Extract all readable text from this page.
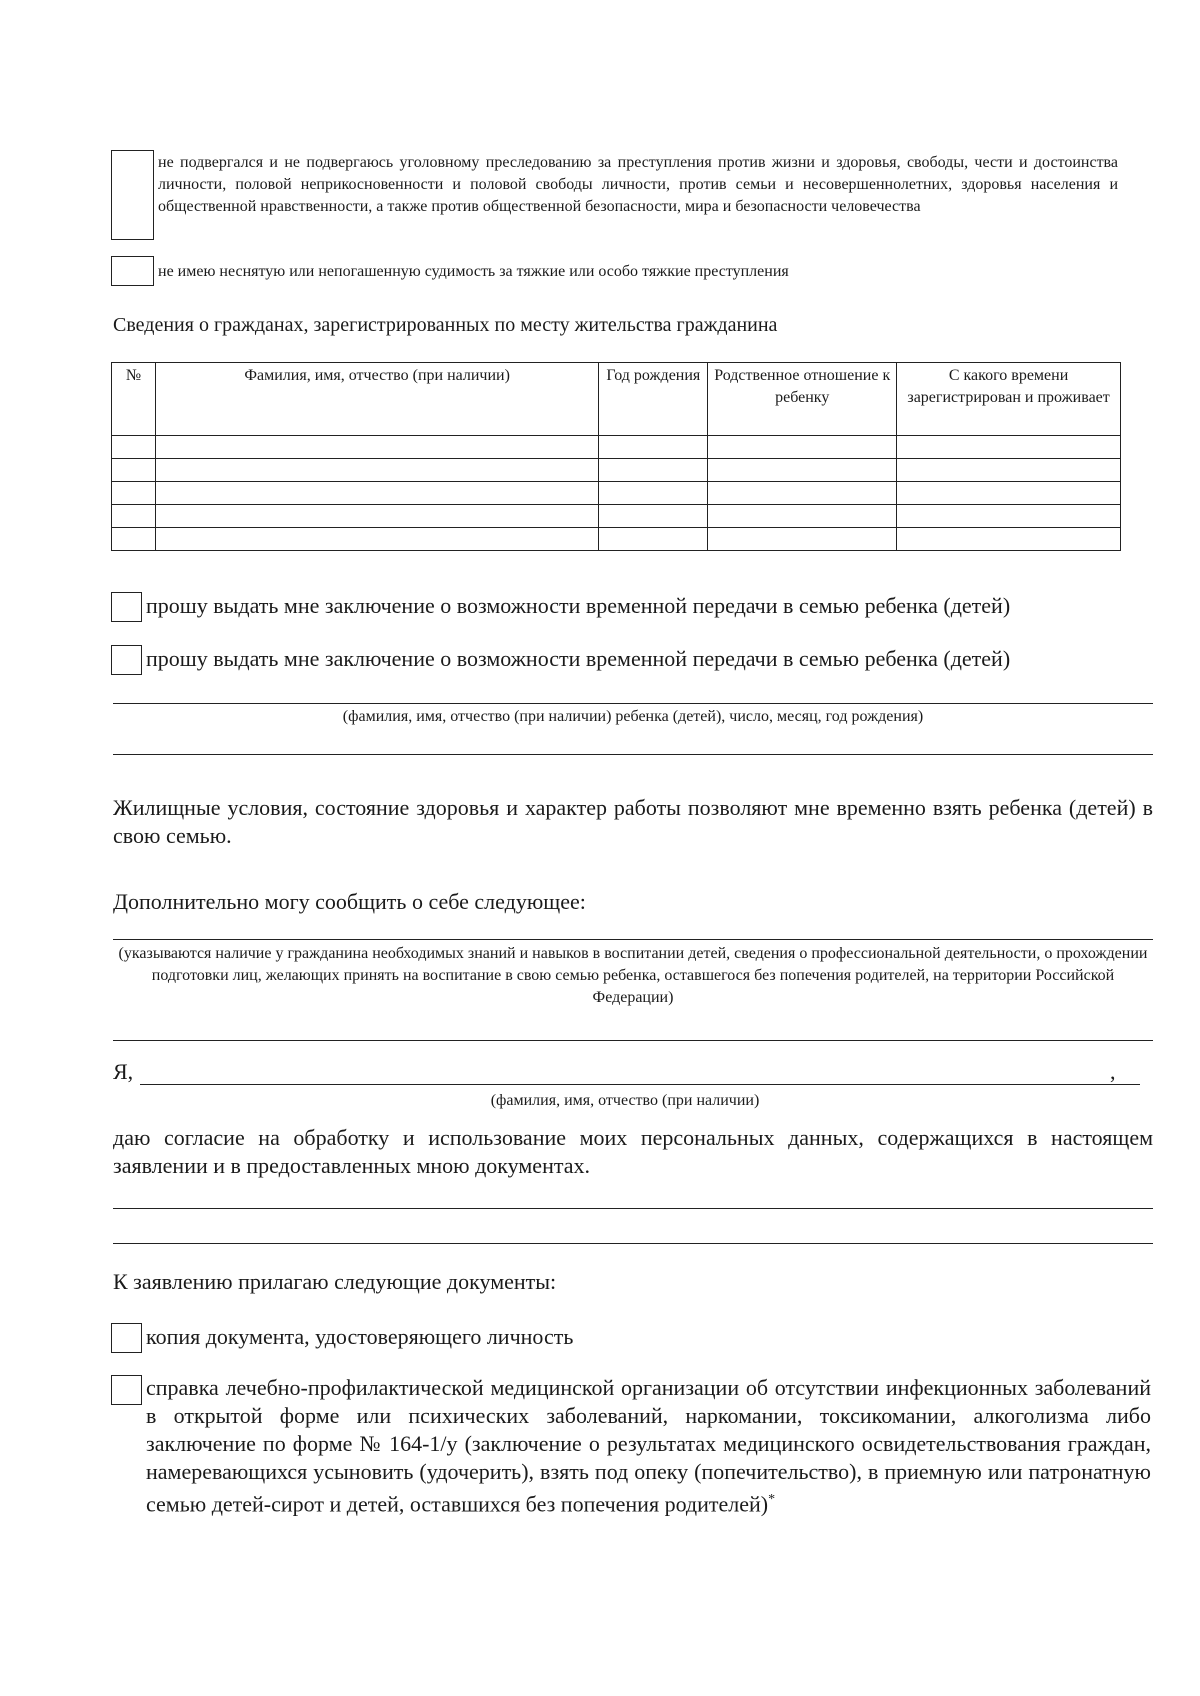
не подвергался и не подвергаюсь уголовному преследованию за преступления против жизни и здоровья, свободы, чести и достоинства личности, половой неприкосновенности и половой свободы личности, против семьи и несовершеннолетних, здоровья населения и общественной нравственности, а также против общественной безопасности, мира и безопасности человечества
не имею неснятую или непогашенную судимость за тяжкие или особо тяжкие преступления
Сведения о гражданах, зарегистрированных по месту жительства гражданина
№	Фамилия, имя, отчество (при наличии)	Год рождения	Родственное отношение к ребенку	С какого времени зарегистрирован и проживает

прошу выдать мне заключение о возможности временной передачи в семью ребенка (детей)
прошу выдать мне заключение о возможности временной передачи в семью ребенка (детей)
(фамилия, имя, отчество (при наличии) ребенка (детей), число, месяц, год рождения)
Жилищные условия, состояние здоровья и характер работы позволяют мне временно взять ребенка (детей) в свою семью.
Дополнительно могу сообщить о себе следующее:
(указываются наличие у гражданина необходимых знаний и навыков в воспитании детей, сведения о профессиональной деятельности, о прохождении подготовки лиц, желающих принять на воспитание в свою семью ребенка, оставшегося без попечения родителей, на территории Российской Федерации)
Я,	,
(фамилия, имя, отчество (при наличии)
даю согласие на обработку и использование моих персональных данных, содержащихся в настоящем заявлении и в предоставленных мною документах.
К заявлению прилагаю следующие документы:
копия документа, удостоверяющего личность
справка лечебно-профилактической медицинской организации об отсутствии инфекционных заболеваний в открытой форме или психических заболеваний, наркомании, токсикомании, алкоголизма либо заключение по форме № 164-1/у (заключение о результатах медицинского освидетельствования граждан, намеревающихся усыновить (удочерить), взять под опеку (попечительство), в приемную или патронатную семью детей-сирот и детей, оставшихся без попечения родителей)*
